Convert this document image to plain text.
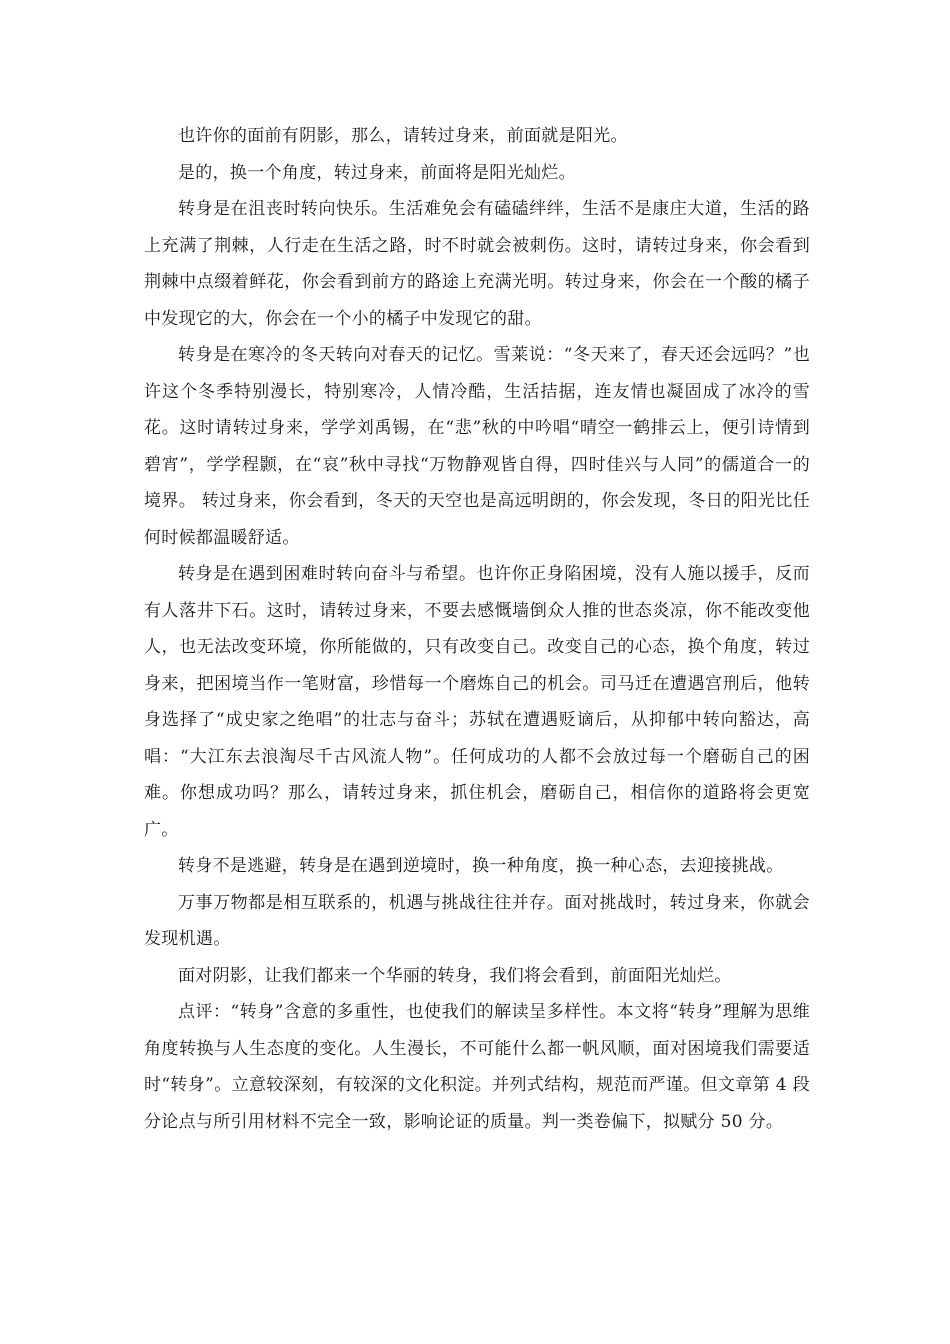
也许你的面前有阴影，那么，请转过身来，前面就是阳光。

是的，换一个角度，转过身来，前面将是阳光灿烂。

转身是在沮丧时转向快乐。生活难免会有磕磕绊绊，生活不是康庄大道，生活的路上充满了荆棘，人行走在生活之路，时不时就会被刺伤。这时，请转过身来，你会看到荆棘中点缀着鲜花，你会看到前方的路途上充满光明。转过身来，你会在一个酸的橘子中发现它的大，你会在一个小的橘子中发现它的甜。

转身是在寒冷的冬天转向对春天的记忆。雪莱说：“冬天来了，春天还会远吗？”也许这个冬季特别漫长，特别寒冷，人情冷酷，生活拮据，连友情也凝固成了冰冷的雪花。这时请转过身来，学学刘禹锡，在“悲”秋的中吟唱“晴空一鹤排云上，便引诗情到碧宵”，学学程颢，在“哀”秋中寻找“万物静观皆自得，四时佳兴与人同”的儒道合一的境界。 转过身来，你会看到，冬天的天空也是高远明朗的，你会发现，冬日的阳光比任何时候都温暖舒适。

转身是在遇到困难时转向奋斗与希望。也许你正身陷困境，没有人施以援手，反而有人落井下石。这时，请转过身来，不要去感慨墙倒众人推的世态炎凉，你不能改变他人，也无法改变环境，你所能做的，只有改变自己。改变自己的心态，换个角度，转过身来，把困境当作一笔财富，珍惜每一个磨炼自己的机会。司马迁在遭遇宫刑后，他转身选择了“成史家之绝唱”的壮志与奋斗；苏轼在遭遇贬谪后，从抑郁中转向豁达，高唱：“大江东去浪淘尽千古风流人物”。任何成功的人都不会放过每一个磨砺自己的困难。你想成功吗？那么，请转过身来，抓住机会，磨砺自己，相信你的道路将会更宽广。

转身不是逃避，转身是在遇到逆境时，换一种角度，换一种心态，去迎接挑战。

万事万物都是相互联系的，机遇与挑战往往并存。面对挑战时，转过身来，你就会发现机遇。

面对阴影，让我们都来一个华丽的转身，我们将会看到，前面阳光灿烂。

点评：“转身”含意的多重性，也使我们的解读呈多样性。本文将“转身”理解为思维角度转换与人生态度的变化。人生漫长，不可能什么都一帆风顺，面对困境我们需要适时“转身”。立意较深刻，有较深的文化积淀。并列式结构，规范而严谨。但文章第 4 段分论点与所引用材料不完全一致，影响论证的质量。判一类卷偏下，拟赋分 50 分。
